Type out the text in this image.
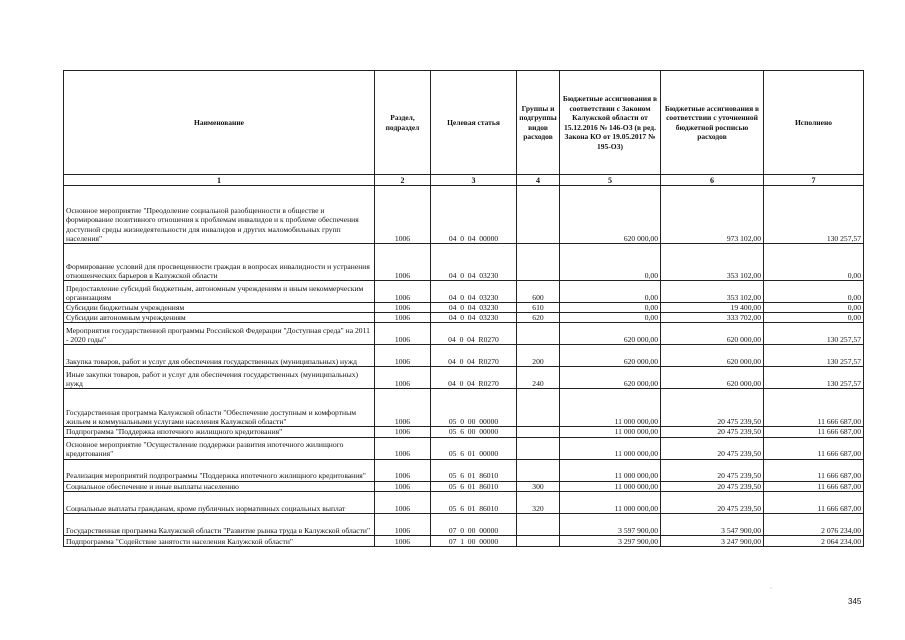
Наименование	Раздел, подраздел	Целевая статья	Группы и подгруппы видов расходов	Бюджетные ассигнования в соответствии с Законом Калужской области от 15.12.2016 № 146-ОЗ (в ред. Закона КО от 19.05.2017 № 195-ОЗ)	Бюджетные ассигнования в соответствии с уточненной бюджетной росписью расходов	Исполнено
1	2	3	4	5	6	7
Основное мероприятие "Преодоление социальной разобщенности в обществе и формирование позитивного отношения к проблемам инвалидов и к проблеме обеспечения доступной среды жизнедеятельности для инвалидов и других маломобильных групп населения"	1006	04  0  04  00000		620 000,00	973 102,00	130 257,57
Формирование условий для просвещенности граждан в вопросах инвалидности и устранения отношенческих барьеров в Калужской области	1006	04  0  04  03230		0,00	353 102,00	0,00
Предоставление субсидий бюджетным, автономным учреждениям и иным некоммерческим организациям	1006	04  0  04  03230	600	0,00	353 102,00	0,00
Субсидии бюджетным учреждениям	1006	04  0  04  03230	610	0,00	19 400,00	0,00
Субсидии автономным учреждениям	1006	04  0  04  03230	620	0,00	333 702,00	0,00
Мероприятия государственной программы Российской Федерации "Доступная среда" на 2011 - 2020 годы"	1006	04  0  04  R0270		620 000,00	620 000,00	130 257,57
Закупка товаров, работ и услуг для обеспечения государственных (муниципальных) нужд	1006	04  0  04  R0270	200	620 000,00	620 000,00	130 257,57
Иные закупки товаров, работ и услуг для обеспечения государственных (муниципальных) нужд	1006	04  0  04  R0270	240	620 000,00	620 000,00	130 257,57
Государственная программа Калужской области "Обеспечение доступным и комфортным жильем и коммунальными услугами населения Калужской области"	1006	05  0  00  00000		11 000 000,00	20 475 239,50	11 666 687,00
Подпрограмма "Поддержка ипотечного жилищного кредитования"	1006	05  6  00  00000		11 000 000,00	20 475 239,50	11 666 687,00
Основное мероприятие "Осуществление поддержки развития ипотечного жилищного кредитования"	1006	05  6  01  00000		11 000 000,00	20 475 239,50	11 666 687,00
Реализация мероприятий подпрограммы "Поддержка ипотечного жилищного кредитования"	1006	05  6  01  86010		11 000 000,00	20 475 239,50	11 666 687,00
Социальное обеспечение и иные выплаты населению	1006	05  6  01  86010	300	11 000 000,00	20 475 239,50	11 666 687,00
Социальные выплаты гражданам, кроме публичных нормативных социальных выплат	1006	05  6  01  86010	320	11 000 000,00	20 475 239,50	11 666 687,00
Государственная программа Калужской области "Развитие рынка труда в Калужской области"	1006	07  0  00  00000		3 597 900,00	3 547 900,00	2 076 234,00
Подпрограмма "Содействие занятости населения Калужской области"	1006	07  1  00  00000		3 297 900,00	3 247 900,00	2 064 234,00
`
345
